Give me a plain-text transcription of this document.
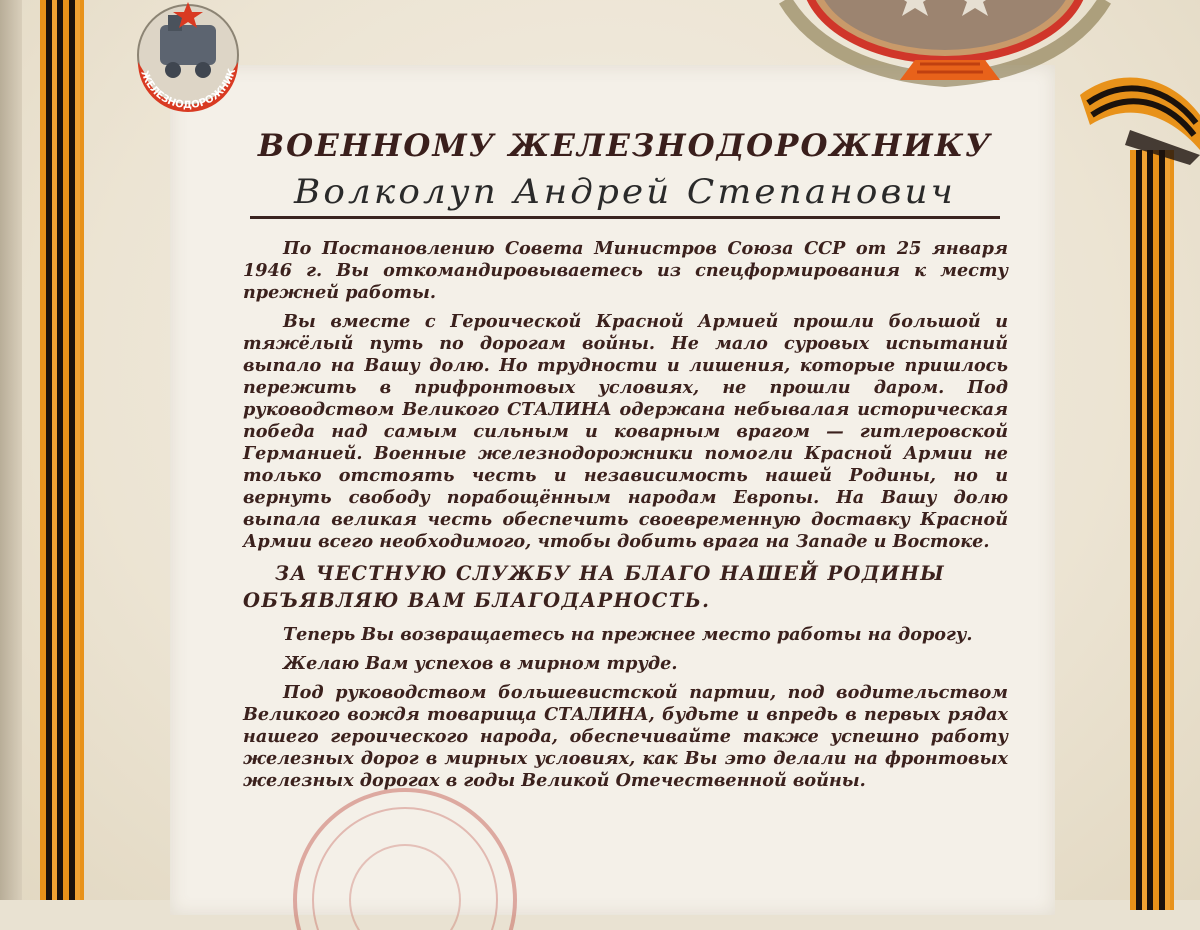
ЖЕЛЕЗНОДОРОЖНИК
ВОЕННОМУ ЖЕЛЕЗНОДОРОЖНИКУ
Волколуп Андрей Степанович

По Постановлению Совета Министров Союза ССР от 25 января 1946 г. Вы откомандировываетесь из спецформирования к месту прежней работы.

Вы вместе с Героической Красной Армией прошли большой и тяжёлый путь по дорогам войны. Не мало суровых испытаний выпало на Вашу долю. Но трудности и лишения, которые пришлось пережить в прифронтовых условиях, не прошли даром. Под руководством Великого СТАЛИНА одержана небывалая историческая победа над самым сильным и коварным врагом — гитлеровской Германией. Военные железнодорожники помогли Красной Армии не только отстоять честь и независимость нашей Родины, но и вернуть свободу порабощённым народам Европы. На Вашу долю выпала великая честь обеспечить своевременную доставку Красной Армии всего необходимого, чтобы добить врага на Западе и Востоке.

ЗА ЧЕСТНУЮ СЛУЖБУ НА БЛАГО НАШЕЙ РОДИНЫ
ОБЪЯВЛЯЮ ВАМ БЛАГОДАРНОСТЬ.

Теперь Вы возвращаетесь на прежнее место работы на дорогу.

Желаю Вам успехов в мирном труде.

Под руководством большевистской партии, под водительством Великого вождя товарища СТАЛИНА, будьте и впредь в первых рядах нашего героического народа, обеспечивайте также успешно работу железных дорог в мирных условиях, как Вы это делали на фронтовых железных дорогах в годы Великой Отечественной войны.
